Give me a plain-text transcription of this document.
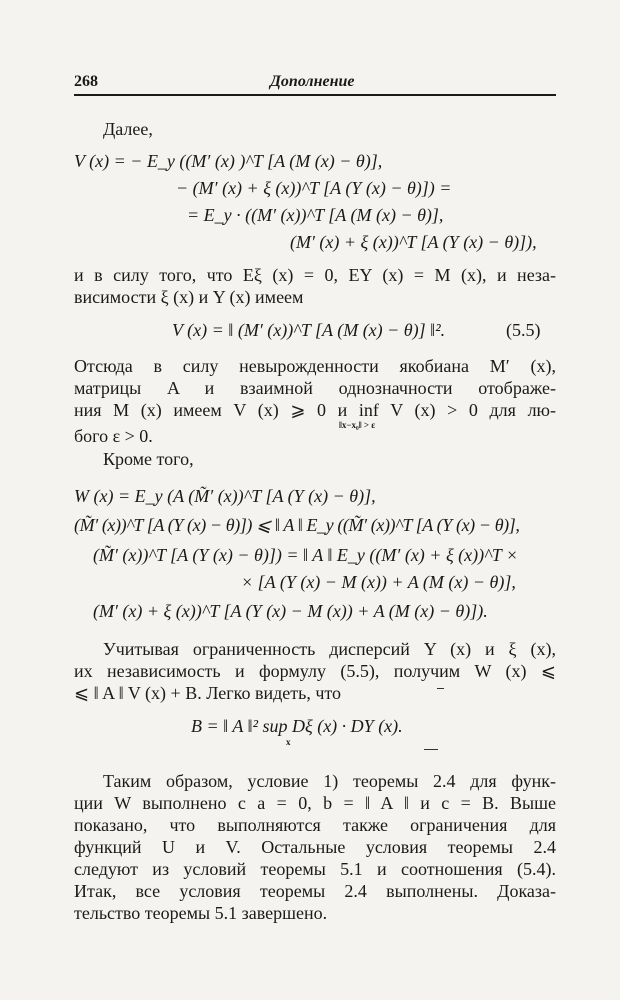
268	Дополнение
Далее,
V (x) = − E_y ((M′ (x) )^T [A (M (x) − θ)],
− (M′ (x) + ξ (x))^T [A (Y (x) − θ)]) =
= E_y · ((M′ (x))^T [A (M (x) − θ)],
(M′ (x) + ξ (x))^T [A (Y (x) − θ)]),
и в силу того, что Eξ (x) = 0, EY (x) = M (x), и неза-
висимости ξ (x) и Y (x) имеем
V (x) = ‖ (M′ (x))^T [A (M (x) − θ)] ‖².	(5.5)
Отсюда в силу невырожденности якобиана M′ (x),
матрицы A и взаимной однозначности отображе-
ния M (x) имеем V (x) ⩾ 0 и inf V (x) > 0 для лю-
‖x−x₀‖ > ε
бого ε > 0.
Кроме того,
W (x) = E_y (A (M̃′ (x))^T [A (Y (x) − θ)],
(M̃′ (x))^T [A (Y (x) − θ)]) ⩽ ‖ A ‖ E_y ((M̃′ (x))^T [A (Y (x) − θ)],
(M̃′ (x))^T [A (Y (x) − θ)]) = ‖ A ‖ E_y ((M′ (x) + ξ (x))^T ×
× [A (Y (x) − M (x)) + A (M (x) − θ)],
(M′ (x) + ξ (x))^T [A (Y (x) − M (x)) + A (M (x) − θ)]).
Учитывая ограниченность дисперсий Y (x) и ξ (x),
их независимость и формулу (5.5), получим W (x) ⩽
⩽ ‖ A ‖ V (x) + B. Легко видеть, что
B = ‖ A ‖² sup Dξ (x) · DY (x).
x
Таким образом, условие 1) теоремы 2.4 для функ-
ции W выполнено с a = 0, b = ‖ A ‖ и c = B. Выше
показано, что выполняются также ограничения для
функций U и V. Остальные условия теоремы 2.4
следуют из условий теоремы 5.1 и соотношения (5.4).
Итак, все условия теоремы 2.4 выполнены. Доказа-
тельство теоремы 5.1 завершено.
